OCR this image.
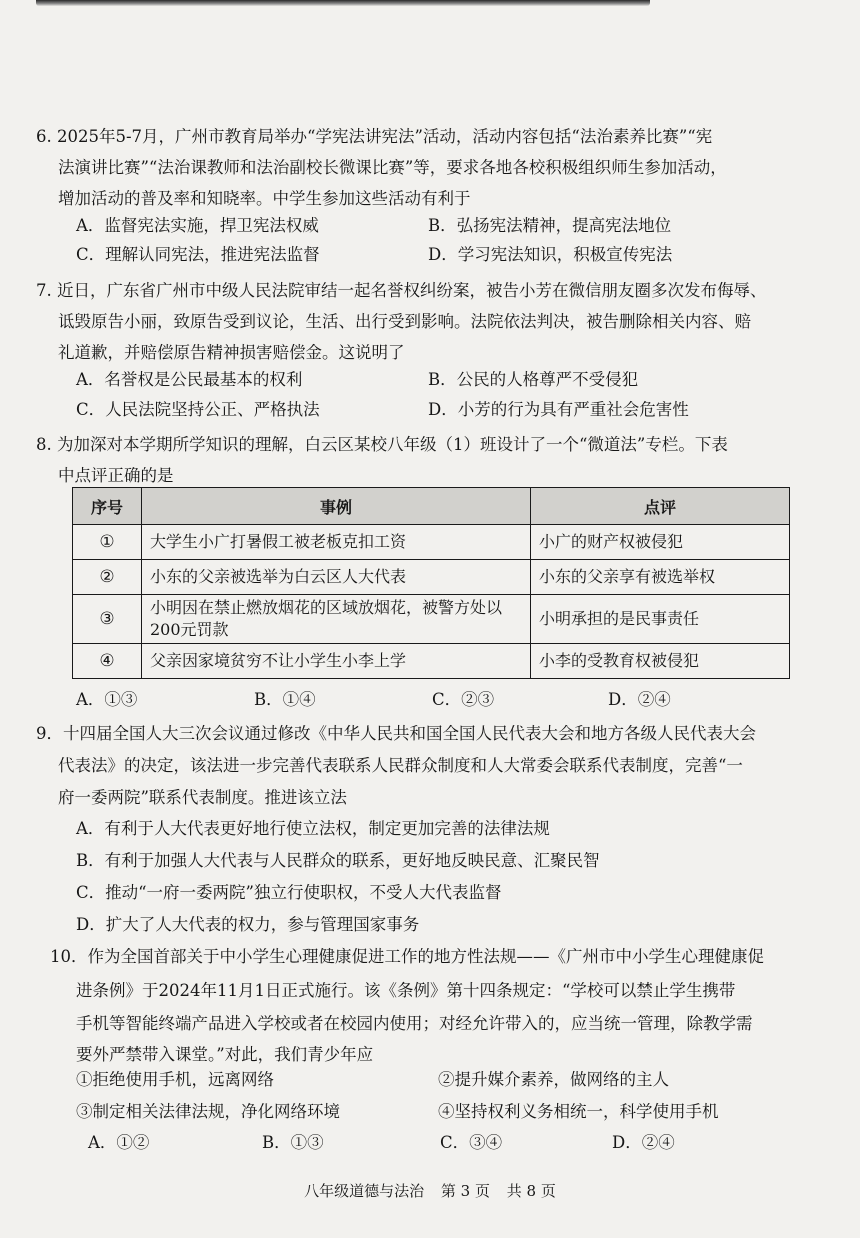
6. 2025年5-7月，广州市教育局举办“学宪法讲宪法”活动，活动内容包括“法治素养比赛”“宪
法演讲比赛”“法治课教师和法治副校长微课比赛”等，要求各地各校积极组织师生参加活动，
增加活动的普及率和知晓率。中学生参加这些活动有利于
A．监督宪法实施，捍卫宪法权威	B．弘扬宪法精神，提高宪法地位
C．理解认同宪法，推进宪法监督	D．学习宪法知识，积极宣传宪法
7. 近日，广东省广州市中级人民法院审结一起名誉权纠纷案，被告小芳在微信朋友圈多次发布侮辱、
诋毁原告小丽，致原告受到议论，生活、出行受到影响。法院依法判决，被告删除相关内容、赔
礼道歉，并赔偿原告精神损害赔偿金。这说明了
A．名誉权是公民最基本的权利	B．公民的人格尊严不受侵犯
C．人民法院坚持公正、严格执法	D．小芳的行为具有严重社会危害性
8. 为加深对本学期所学知识的理解，白云区某校八年级（1）班设计了一个“微道法”专栏。下表
中点评正确的是
序号	事例	点评
①	大学生小广打暑假工被老板克扣工资	小广的财产权被侵犯
②	小东的父亲被选举为白云区人大代表	小东的父亲享有被选举权
③	小明因在禁止燃放烟花的区域放烟花，被警方处以
200元罚款	小明承担的是民事责任
④	父亲因家境贫穷不让小学生小李上学	小李的受教育权被侵犯
A．①③	B．①④	C．②③	D．②④
9．十四届全国人大三次会议通过修改《中华人民共和国全国人民代表大会和地方各级人民代表大会
代表法》的决定，该法进一步完善代表联系人民群众制度和人大常委会联系代表制度，完善“一
府一委两院”联系代表制度。推进该立法
A．有利于人大代表更好地行使立法权，制定更加完善的法律法规
B．有利于加强人大代表与人民群众的联系，更好地反映民意、汇聚民智
C．推动“一府一委两院”独立行使职权，不受人大代表监督
D．扩大了人大代表的权力，参与管理国家事务
10．作为全国首部关于中小学生心理健康促进工作的地方性法规——《广州市中小学生心理健康促
进条例》于2024年11月1日正式施行。该《条例》第十四条规定：“学校可以禁止学生携带
手机等智能终端产品进入学校或者在校园内使用；对经允许带入的，应当统一管理，除教学需
要外严禁带入课堂。”对此，我们青少年应
①拒绝使用手机，远离网络	②提升媒介素养，做网络的主人
③制定相关法律法规，净化网络环境	④坚持权利义务相统一，科学使用手机
A．①②	B．①③	C．③④	D．②④
八年级道德与法治 第 3 页 共 8 页
